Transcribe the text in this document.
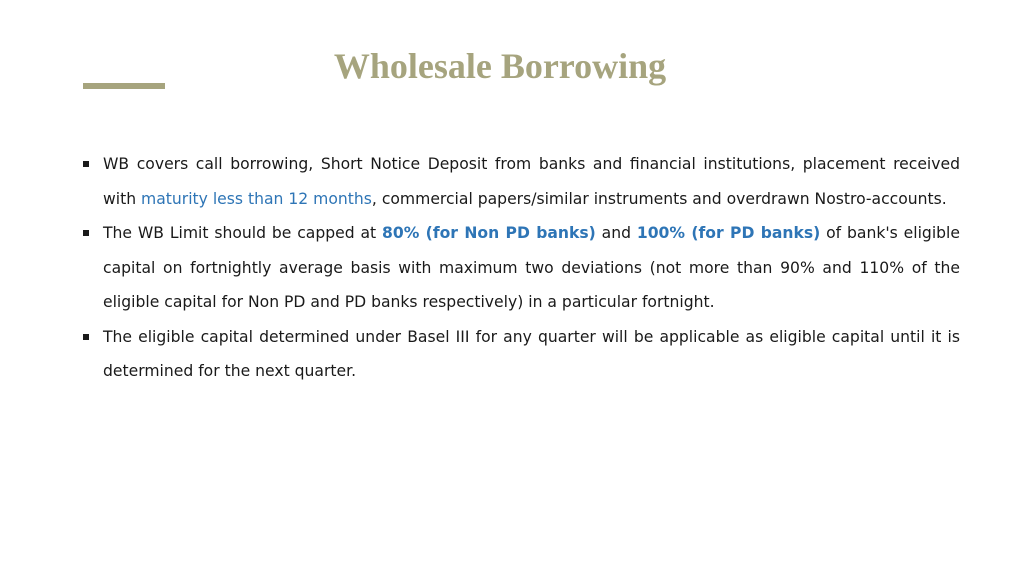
Wholesale Borrowing
WB covers call borrowing, Short Notice Deposit from banks and financial institutions, placement received with maturity less than 12 months, commercial papers/similar instruments and overdrawn Nostro-accounts.
The WB Limit should be capped at 80% (for Non PD banks) and 100% (for PD banks) of bank's eligible capital on fortnightly average basis with maximum two deviations (not more than 90% and 110% of the eligible capital for Non PD and PD banks respectively) in a particular fortnight.
The eligible capital determined under Basel III for any quarter will be applicable as eligible capital until it is determined for the next quarter.
